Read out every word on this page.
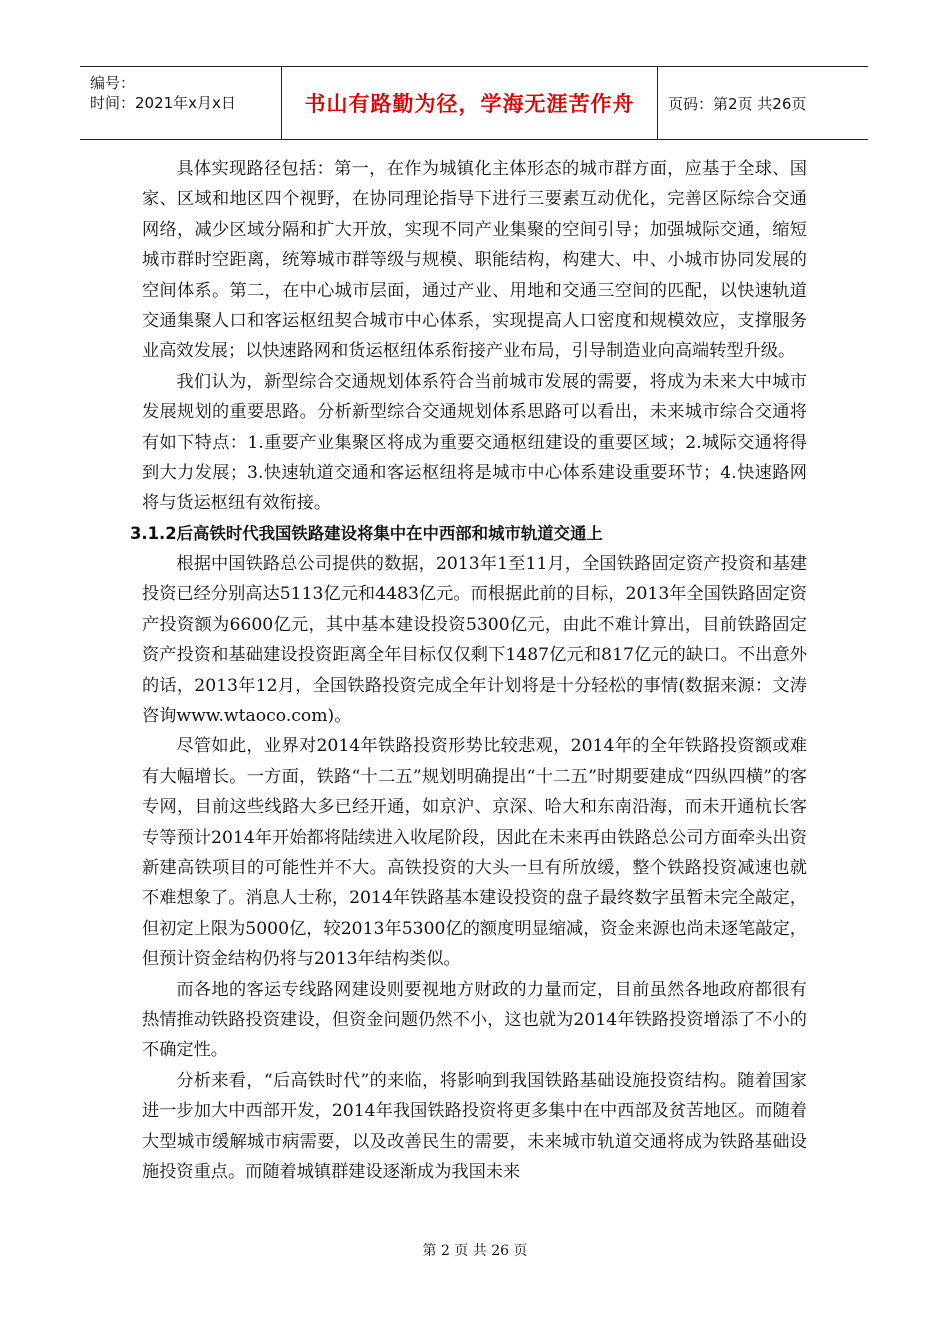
编号：
时间：2021年x月x日	书山有路勤为径，学海无涯苦作舟 页码：第2页 共26页

具体实现路径包括：第一，在作为城镇化主体形态的城市群方面，应基于全球、国家、区域和地区四个视野，在协同理论指导下进行三要素互动优化，完善区际综合交通网络，减少区域分隔和扩大开放，实现不同产业集聚的空间引导；加强城际交通，缩短城市群时空距离，统筹城市群等级与规模、职能结构，构建大、中、小城市协同发展的空间体系。第二，在中心城市层面，通过产业、用地和交通三空间的匹配，以快速轨道交通集聚人口和客运枢纽契合城市中心体系，实现提高人口密度和规模效应，支撑服务业高效发展；以快速路网和货运枢纽体系衔接产业布局，引导制造业向高端转型升级。

我们认为，新型综合交通规划体系符合当前城市发展的需要，将成为未来大中城市发展规划的重要思路。分析新型综合交通规划体系思路可以看出，未来城市综合交通将有如下特点：1.重要产业集聚区将成为重要交通枢纽建设的重要区域；2.城际交通将得到大力发展；3.快速轨道交通和客运枢纽将是城市中心体系建设重要环节；4.快速路网将与货运枢纽有效衔接。

3.1.2后高铁时代我国铁路建设将集中在中西部和城市轨道交通上

根据中国铁路总公司提供的数据，2013年1至11月，全国铁路固定资产投资和基建投资已经分别高达5113亿元和4483亿元。而根据此前的目标，2013年全国铁路固定资产投资额为6600亿元，其中基本建设投资5300亿元，由此不难计算出，目前铁路固定资产投资和基础建设投资距离全年目标仅仅剩下1487亿元和817亿元的缺口。不出意外的话，2013年12月，全国铁路投资完成全年计划将是十分轻松的事情(数据来源：文涛咨询www.wtaoco.com)。

尽管如此，业界对2014年铁路投资形势比较悲观，2014年的全年铁路投资额或难有大幅增长。一方面，铁路“十二五”规划明确提出“十二五”时期要建成“四纵四横”的客专网，目前这些线路大多已经开通，如京沪、京深、哈大和东南沿海，而未开通杭长客专等预计2014年开始都将陆续进入收尾阶段，因此在未来再由铁路总公司方面牵头出资新建高铁项目的可能性并不大。高铁投资的大头一旦有所放缓，整个铁路投资减速也就不难想象了。消息人士称，2014年铁路基本建设投资的盘子最终数字虽暂未完全敲定，但初定上限为5000亿，较2013年5300亿的额度明显缩减，资金来源也尚未逐笔敲定，但预计资金结构仍将与2013年结构类似。

而各地的客运专线路网建设则要视地方财政的力量而定，目前虽然各地政府都很有热情推动铁路投资建设，但资金问题仍然不小，这也就为2014年铁路投资增添了不小的不确定性。

分析来看，“后高铁时代”的来临，将影响到我国铁路基础设施投资结构。随着国家进一步加大中西部开发，2014年我国铁路投资将更多集中在中西部及贫苦地区。而随着大型城市缓解城市病需要，以及改善民生的需要，未来城市轨道交通将成为铁路基础设施投资重点。而随着城镇群建设逐渐成为我国未来

第 2 页 共 26 页
